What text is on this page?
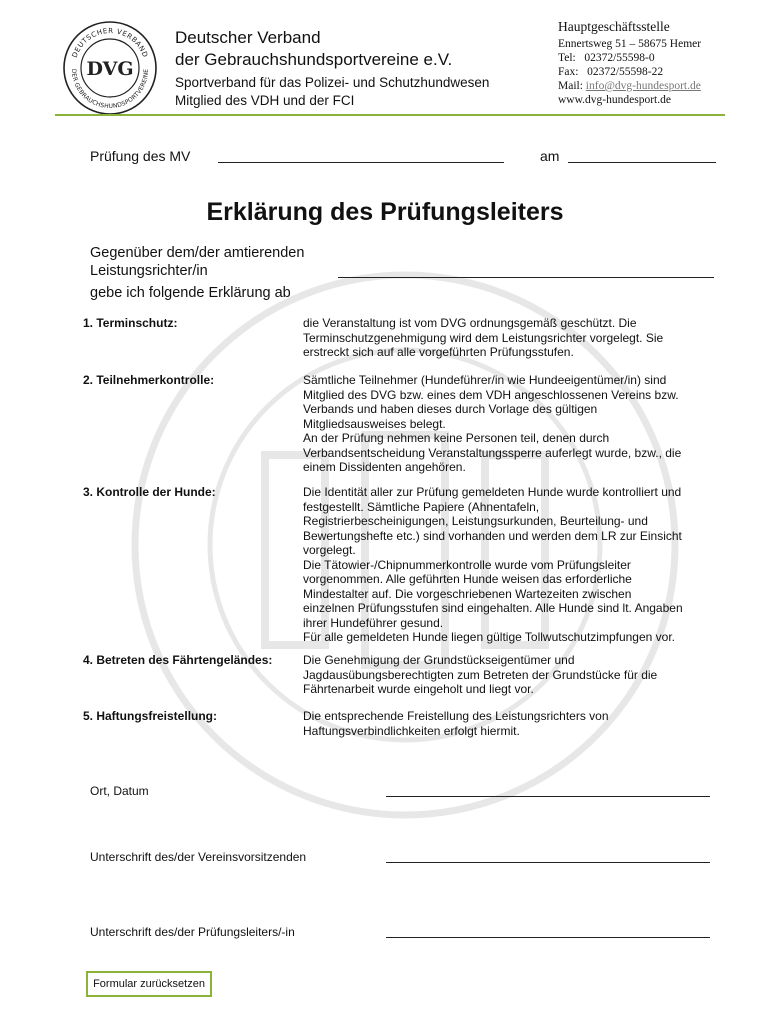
DEUTSCHER VERBAND
DER GEBRAUCHSHUNDSPORTVEREINE
DVG
Deutscher Verband
der Gebrauchshundsportvereine e.V.
Sportverband für das Polizei- und Schutzhundwesen
Mitglied des VDH und der FCI
Hauptgeschäftsstelle
Ennertsweg 51 – 58675 Hemer
Tel:   02372/55598-0
Fax:   02372/55598-22
Mail: info@dvg-hundesport.de
www.dvg-hundesport.de
Prüfung des MV	am
Erklärung des Prüfungsleiters
Gegenüber dem/der amtierenden
Leistungsrichter/in
gebe ich folgende Erklärung ab
1. Terminschutz:	die Veranstaltung ist vom DVG ordnungsgemäß geschützt. Die

Terminschutzgenehmigung wird dem Leistungsrichter vorgelegt. Sie

erstreckt sich auf alle vorgeführten Prüfungsstufen.

2. Teilnehmerkontrolle:	Sämtliche Teilnehmer (Hundeführer/in wie Hundeeigentümer/in) sind

Mitglied des DVG bzw. eines dem VDH angeschlossenen Vereins bzw.

Verbands und haben dieses durch Vorlage des gültigen

Mitgliedsausweises belegt.

An der Prüfung nehmen keine Personen teil, denen durch

Verbandsentscheidung Veranstaltungssperre auferlegt wurde, bzw., die

einem Dissidenten angehören.

3. Kontrolle der Hunde:	Die Identität aller zur Prüfung gemeldeten Hunde wurde kontrolliert und

festgestellt. Sämtliche Papiere (Ahnentafeln,

Registrierbescheinigungen, Leistungsurkunden, Beurteilung- und

Bewertungshefte etc.) sind vorhanden und werden dem LR zur Einsicht

vorgelegt.

Die Tätowier-/Chipnummerkontrolle wurde vom Prüfungsleiter

vorgenommen. Alle geführten Hunde weisen das erforderliche

Mindestalter auf. Die vorgeschriebenen Wartezeiten zwischen

einzelnen Prüfungsstufen sind eingehalten. Alle Hunde sind lt. Angaben

ihrer Hundeführer gesund.

Für alle gemeldeten Hunde liegen gültige Tollwutschutzimpfungen vor.

4. Betreten des Fährtengeländes:	Die Genehmigung der Grundstückseigentümer und

Jagdausübungsberechtigten zum Betreten der Grundstücke für die

Fährtenarbeit wurde eingeholt und liegt vor.

5. Haftungsfreistellung:	Die entsprechende Freistellung des Leistungsrichters von

Haftungsverbindlichkeiten erfolgt hiermit.

Ort, Datum
Unterschrift des/der Vereinsvorsitzenden
Unterschrift des/der Prüfungsleiters/-in
Formular zurücksetzen
